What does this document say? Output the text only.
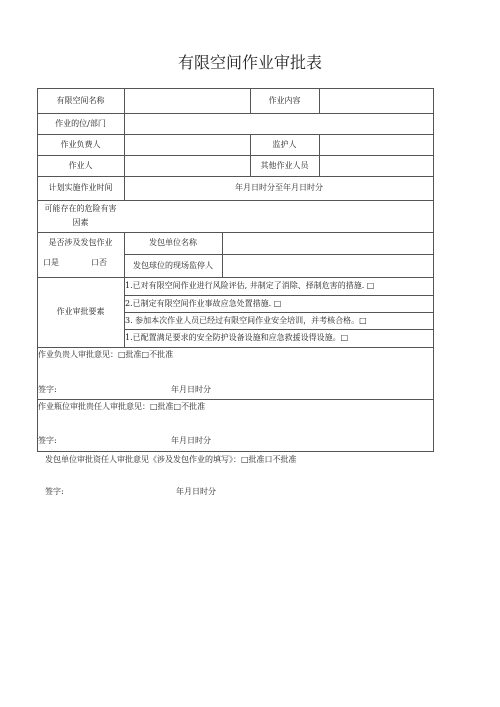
有限空间作业审批表
有限空间名称	作业内容
作业的位/部门
作业负费人	监护人
作业人	其他作业人员
计划实施作业时间	年月日时分至年月日时分
可能存在的危险有害因素
是否涉及发包作业
口是	口否
发包单位名称
发包球位的现场监停人
作业审批要素
1.已对有限空间作业进行风险评估, 井制定了消除、择制危害的措施. □
2.已制定有限空间作业事故应急处置措施. □
3. 参加本次作业人员已经过有限空间作业安全培训，并考核合格。□
1.已配置满足要求的安全防护设备设施和应急救援设得设施。□
作业负贵人审批意见：□批准□不批准
签字:	年月日时分
作业瓶位审批贵任人审批意见：□批准□不批准
签字:	年月日时分
发包单位审批资任人审批意见《涉及发包作业的填写》：□批准口不批准
签字:	年月日时分
